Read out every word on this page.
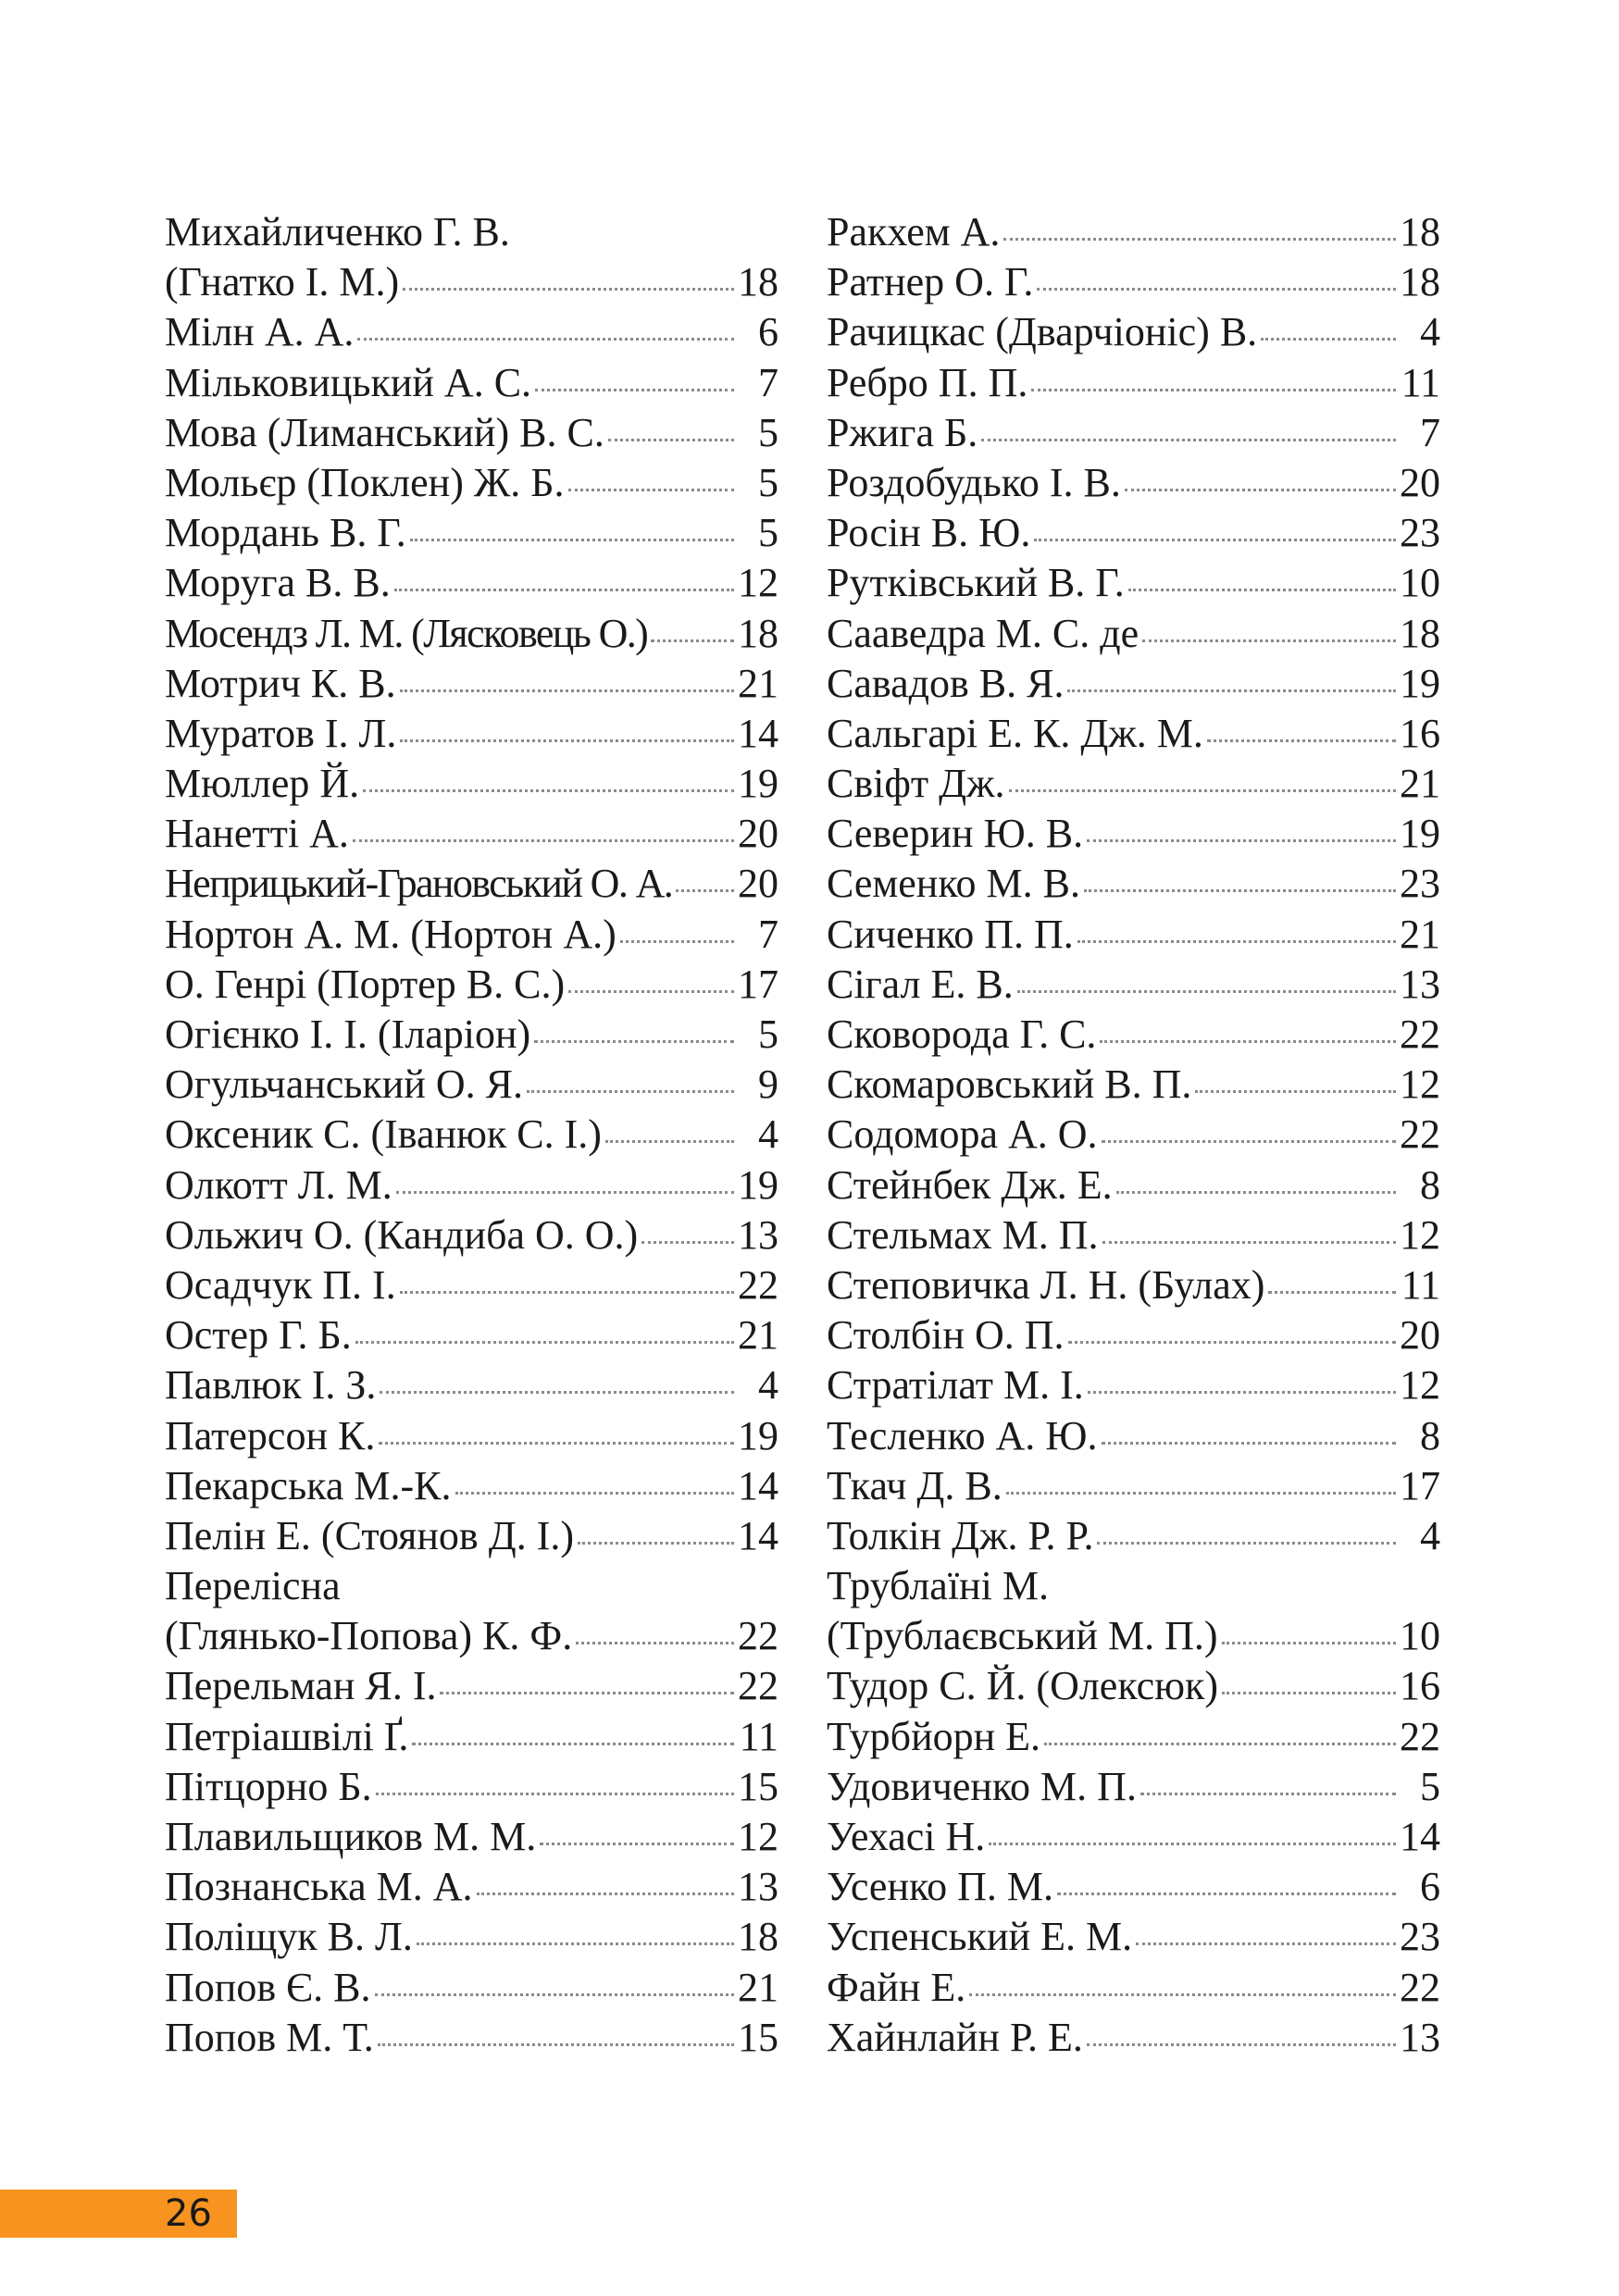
Михайличенко Г. В.
(Гнатко І. М.)	18
Мілн А. А.	6
Мільковицький А. С.	7
Мова (Лиманський) В. С.	5
Мольєр (Поклен) Ж. Б.	5
Мордань В. Г.	5
Моруга В. В.	12
Мосендз Л. М. (Лясковець О.) 18
Мотрич К. В.	21
Муратов І. Л.	14
Мюллер Й.	19
Нанетті А.	20
Неприцький-Грановський О. А. 20
Нортон А. М. (Нортон А.)	7
О. Генрі (Портер В. С.)	17
Огієнко І. І. (Іларіон)	5
Огульчанський О. Я.	9
Оксеник С. (Іванюк С. І.)	4
Олкотт Л. М.	19
Ольжич О. (Кандиба О. О.) 13
Осадчук П. І.	22
Остер Г. Б.	21
Павлюк І. З.	4
Патерсон К.	19
Пекарська М.-К.	14
Пелін Е. (Стоянов Д. І.)	14
Перелісна
(Глянько-Попова) К. Ф.	22
Перельман Я. І.	22
Петріашвілі Ґ.	11
Пітцорно Б.	15
Плавильщиков М. М.	12
Познанська М. А.	13
Поліщук В. Л.	18
Попов Є. В.	21
Попов М. Т.	15
Ракхем А.	18
Ратнер О. Г.	18
Рачицкас (Дварчіоніс) В.	4
Ребро П. П.	11
Ржига Б.	7
Роздобудько І. В.	20
Росін В. Ю.	23
Рутківський В. Г.	10
Сааведра М. С. де	18
Савадов В. Я.	19
Сальгарі Е. К. Дж. М.	16
Свіфт Дж.	21
Северин Ю. В.	19
Семенко М. В.	23
Сиченко П. П.	21
Сігал Е. В.	13
Сковорода Г. С.	22
Скомаровський В. П.	12
Содомора А. О.	22
Стейнбек Дж. Е.	8
Стельмах М. П.	12
Степовичка Л. Н. (Булах)	11
Столбін О. П.	20
Стратілат М. І.	12
Тесленко А. Ю.	8
Ткач Д. В.	17
Толкін Дж. Р. Р.	4
Трублаїні М.
(Трублаєвський М. П.)	10
Тудор С. Й. (Олексюк)	16
Турбйорн Е.	22
Удовиченко М. П.	5
Уехасі Н.	14
Усенко П. М.	6
Успенський Е. М.	23
Файн Е.	22
Хайнлайн Р. Е.	13
26
